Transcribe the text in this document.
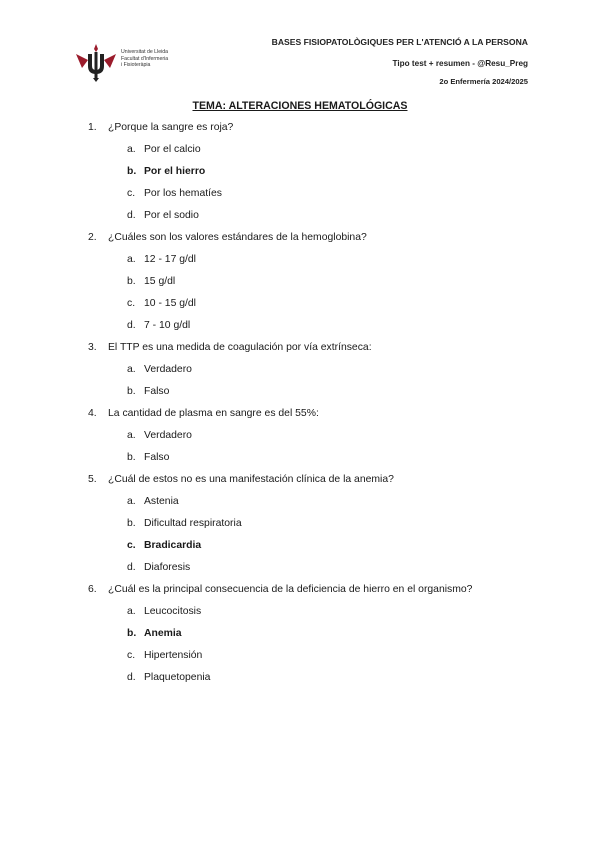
Universitat de Lleida
Facultat d'Infermeria
i Fisioteràpia
BASES FISIOPATOLÒGIQUES PER L'ATENCIÓ A LA PERSONA
Tipo test + resumen - @Resu_Preg
2o Enfermería 2024/2025
TEMA: ALTERACIONES HEMATOLÓGICAS
1. ¿Porque la sangre es roja?
a. Por el calcio
b. Por el hierro
c. Por los hematíes
d. Por el sodio
2. ¿Cuáles son los valores estándares de la hemoglobina?
a. 12 - 17 g/dl
b. 15 g/dl
c. 10 - 15 g/dl
d. 7 - 10 g/dl
3. El TTP es una medida de coagulación por vía extrínseca:
a. Verdadero
b. Falso
4. La cantidad de plasma en sangre es del 55%:
a. Verdadero
b. Falso
5. ¿Cuál de estos no es una manifestación clínica de la anemia?
a. Astenia
b. Dificultad respiratoria
c. Bradicardia
d. Diaforesis
6. ¿Cuál es la principal consecuencia de la deficiencia de hierro en el organismo?
a. Leucocitosis
b. Anemia
c. Hipertensión
d. Plaquetopenia
